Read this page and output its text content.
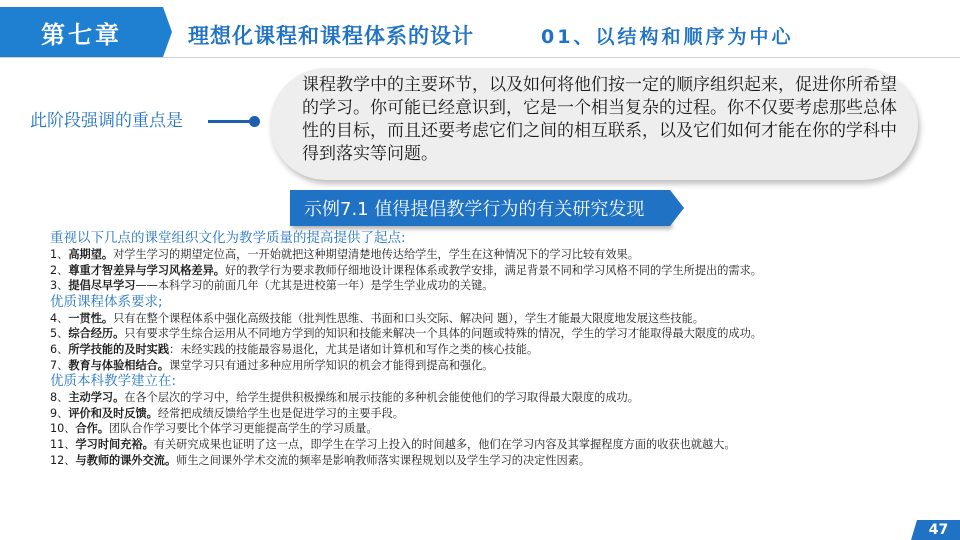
第七章	理想化课程和课程体系的设计	01、以结构和顺序为中心
此阶段强调的重点是
课程教学中的主要环节，以及如何将他们按一定的顺序组织起来，促进你所希望的学习。你可能已经意识到，它是一个相当复杂的过程。你不仅要考虑那些总体性的目标，而且还要考虑它们之间的相互联系，以及它们如何才能在你的学科中得到落实等问题。
示例7.1 值得提倡教学行为的有关研究发现
重视以下几点的课堂组织文化为教学质量的提高提供了起点:
1、高期望。对学生学习的期望定位高，一开始就把这种期望清楚地传达给学生，学生在这种情况下的学习比较有效果。
2、尊重才智差异与学习风格差异。好的教学行为要求教师仔细地设计课程体系或教学安排，满足背景不同和学习风格不同的学生所提出的需求。
3、提倡尽早学习——本科学习的前面几年（尤其是进校第一年）是学生学业成功的关键。
优质课程体系要求;
4、一贯性。只有在整个课程体系中强化高级技能（批判性思维、书面和口头交际、解决问 题），学生才能最大限度地发展这些技能。
5、综合经历。只有要求学生综合运用从不同地方学到的知识和技能来解决一个具体的问题或特殊的情况，学生的学习才能取得最大限度的成功。
6、所学技能的及时实践：未经实践的技能最容易退化，尤其是诸如计算机和写作之类的核心技能。
7、教育与体验相结合。课堂学习只有通过多种应用所学知识的机会才能得到提高和强化。
优质本科教学建立在:
8、主动学习。在各个层次的学习中，给学生提供积极操练和展示技能的多种机会能使他们的学习取得最大限度的成功。
9、评价和及时反馈。经常把成绩反馈给学生也是促进学习的主要手段。
10、合作。团队合作学习要比个体学习更能提高学生的学习质量。
11、学习时间充裕。有关研究成果也证明了这一点，即学生在学习上投入的时间越多，他们在学习内容及其掌握程度方面的收获也就越大。
12、与教师的课外交流。师生之间课外学术交流的频率是影响教师落实课程规划以及学生学习的决定性因素。
47
